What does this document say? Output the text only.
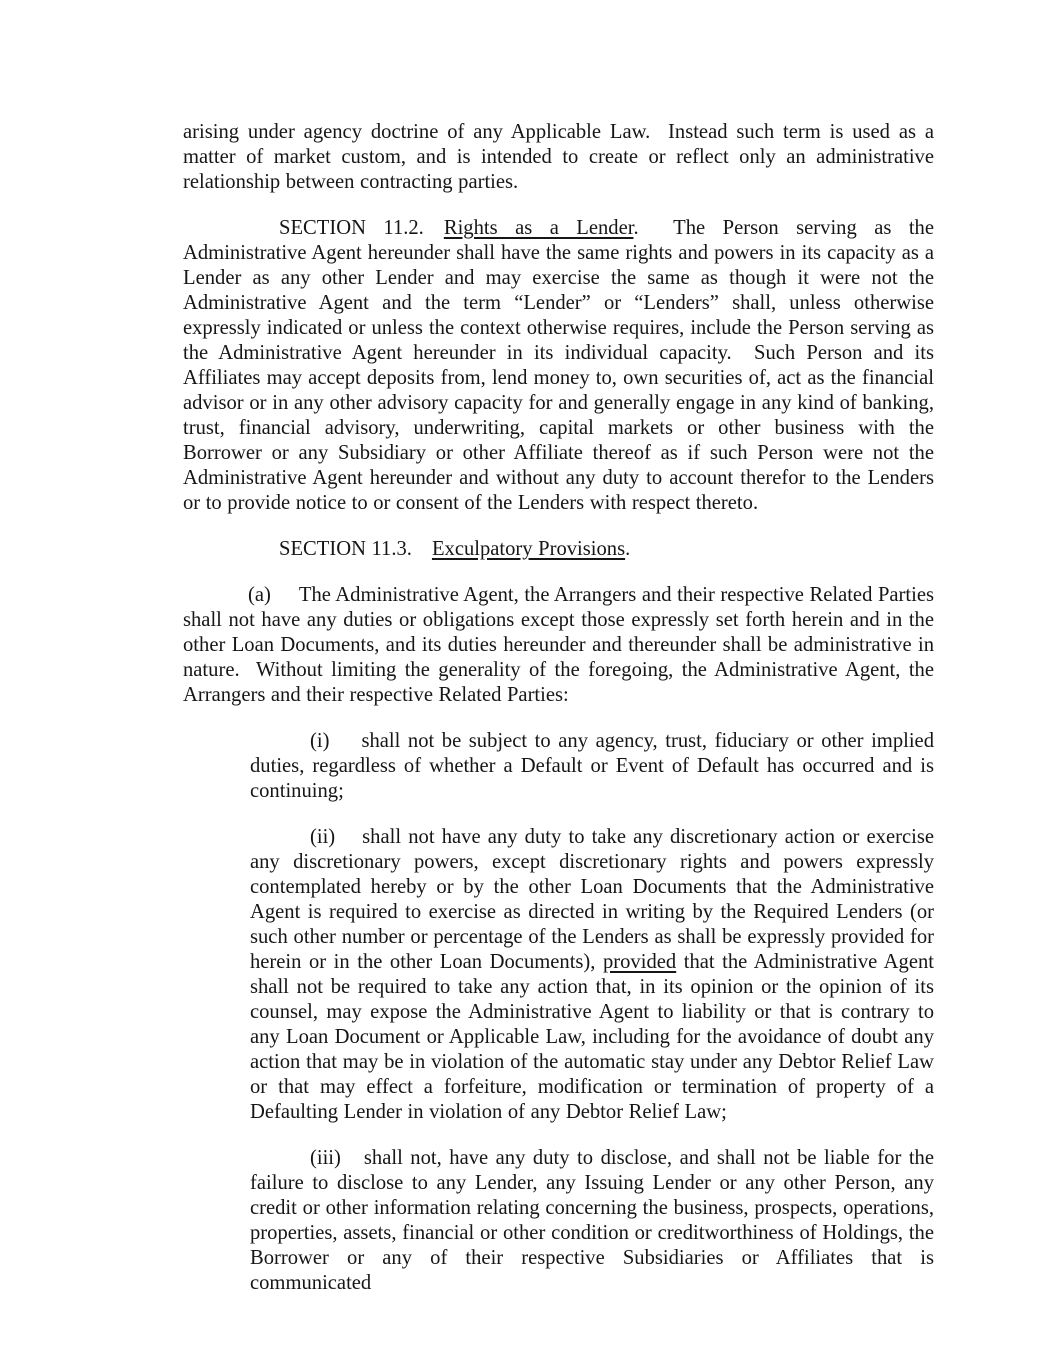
arising under agency doctrine of any Applicable Law.  Instead such term is used as a matter of market custom, and is intended to create or reflect only an administrative relationship between contracting parties.

SECTION 11.2. Rights as a Lender.  The Person serving as the Administrative Agent hereunder shall have the same rights and powers in its capacity as a Lender as any other Lender and may exercise the same as though it were not the Administrative Agent and the term “Lender” or “Lenders” shall, unless otherwise expressly indicated or unless the context otherwise requires, include the Person serving as the Administrative Agent hereunder in its individual capacity.  Such Person and its Affiliates may accept deposits from, lend money to, own securities of, act as the financial advisor or in any other advisory capacity for and generally engage in any kind of banking, trust, financial advisory, underwriting, capital markets or other business with the Borrower or any Subsidiary or other Affiliate thereof as if such Person were not the Administrative Agent hereunder and without any duty to account therefor to the Lenders or to provide notice to or consent of the Lenders with respect thereto.

SECTION 11.3. Exculpatory Provisions.

(a) The Administrative Agent, the Arrangers and their respective Related Parties shall not have any duties or obligations except those expressly set forth herein and in the other Loan Documents, and its duties hereunder and thereunder shall be administrative in nature.  Without limiting the generality of the foregoing, the Administrative Agent, the Arrangers and their respective Related Parties:

(i) shall not be subject to any agency, trust, fiduciary or other implied duties, regardless of whether a Default or Event of Default has occurred and is continuing;

(ii) shall not have any duty to take any discretionary action or exercise any discretionary powers, except discretionary rights and powers expressly contemplated hereby or by the other Loan Documents that the Administrative Agent is required to exercise as directed in writing by the Required Lenders (or such other number or percentage of the Lenders as shall be expressly provided for herein or in the other Loan Documents), provided that the Administrative Agent shall not be required to take any action that, in its opinion or the opinion of its counsel, may expose the Administrative Agent to liability or that is contrary to any Loan Document or Applicable Law, including for the avoidance of doubt any action that may be in violation of the automatic stay under any Debtor Relief Law or that may effect a forfeiture, modification or termination of property of a Defaulting Lender in violation of any Debtor Relief Law;

(iii) shall not, have any duty to disclose, and shall not be liable for the failure to disclose to any Lender, any Issuing Lender or any other Person, any credit or other information relating concerning the business, prospects, operations, properties, assets, financial or other condition or creditworthiness of Holdings, the Borrower or any of their respective Subsidiaries or Affiliates that is communicated
